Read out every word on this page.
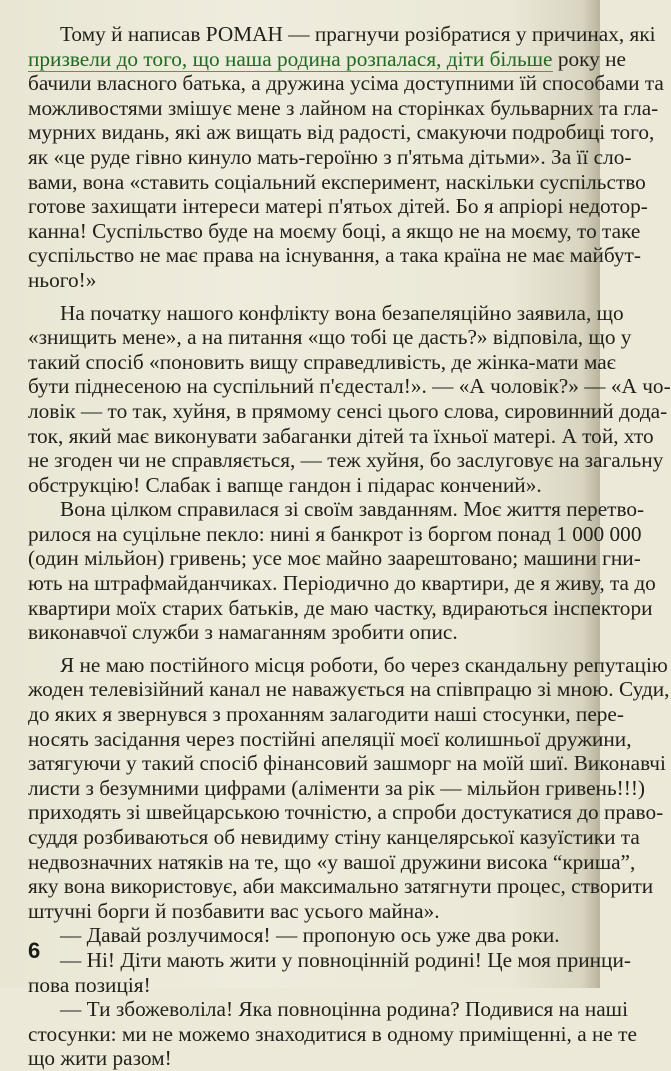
Тому й написав РОМАН — прагнучи розібратися у причинах, які
призвели до того, що наша родина розпалася, діти більше року не
бачили власного батька, а дружина усіма доступними їй способами та
можливостями змішує мене з лайном на сторінках бульварних та гла-
мурних видань, які аж вищать від радості, смакуючи подробиці того,
як «це руде гівно кинуло мать-героїню з п'ятьма дітьми». За її сло-
вами, вона «ставить соціальний експеримент, наскільки суспільство
готове захищати інтереси матері п'ятьох дітей. Бо я апріорі недотор-
канна! Суспільство буде на моєму боці, а якщо не на моєму, то таке
суспільство не має права на існування, а така країна не має майбут-
нього!»
На початку нашого конфлікту вона безапеляційно заявила, що
«знищить мене», а на питання «що тобі це дасть?» відповіла, що у
такий спосіб «поновить вищу справедливість, де жінка-мати має
бути піднесеною на суспільний п'єдестал!». — «А чоловік?» — «А чо-
ловік — то так, хуйня, в прямому сенсі цього слова, сировинний додa-
ток, який має виконувати забаганки дітей та їхньої матері. А той, хто
не згоден чи не справляється, — теж хуйня, бо заслуговує на загальну
обструкцію! Слабак і вапще гандон і підарас кончений».
Вона цілком справилася зі своїм завданням. Моє життя перетво-
рилося на суцільне пекло: нині я банкрот із боргом понад 1 000 000
(один мільйон) гривень; усе моє майно заарештовано; машини гни-
ють на штрафмайданчиках. Періодично до квартири, де я живу, та до
квартири моїх старих батьків, де маю частку, вдираються інспектори
виконавчої служби з намаганням зробити опис.
Я не маю постійного місця роботи, бо через скандальну репутацію
жоден телевізійний канал не наважується на співпрацю зі мною. Суди,
до яких я звернувся з проханням залагодити наші стосунки, пере-
носять засідання через постійні апеляції моєї колишньої дружини,
затягуючи у такий спосіб фінансовий зашморг на моїй шиї. Виконавчі
листи з безумними цифрами (аліменти за рік — мільйон гривень!!!)
приходять зі швейцарською точністю, а спроби достукатися до право-
суддя розбиваються об невидиму стіну канцелярської казуїстики та
недвозначних натяків на те, що «у вашої дружини висока “криша”,
яку вона використовує, аби максимально затягнути процес, створити
штучні борги й позбавити вас усього майна».
— Давай розлучимося! — пропоную ось уже два роки.
— Ні! Діти мають жити у повноцінній родині! Це моя принци-
пова позиція!
— Ти збожеволіла! Яка повноцінна родина? Подивися на наші
стосунки: ми не можемо знаходитися в одному приміщенні, а не те
що жити разом!
6
